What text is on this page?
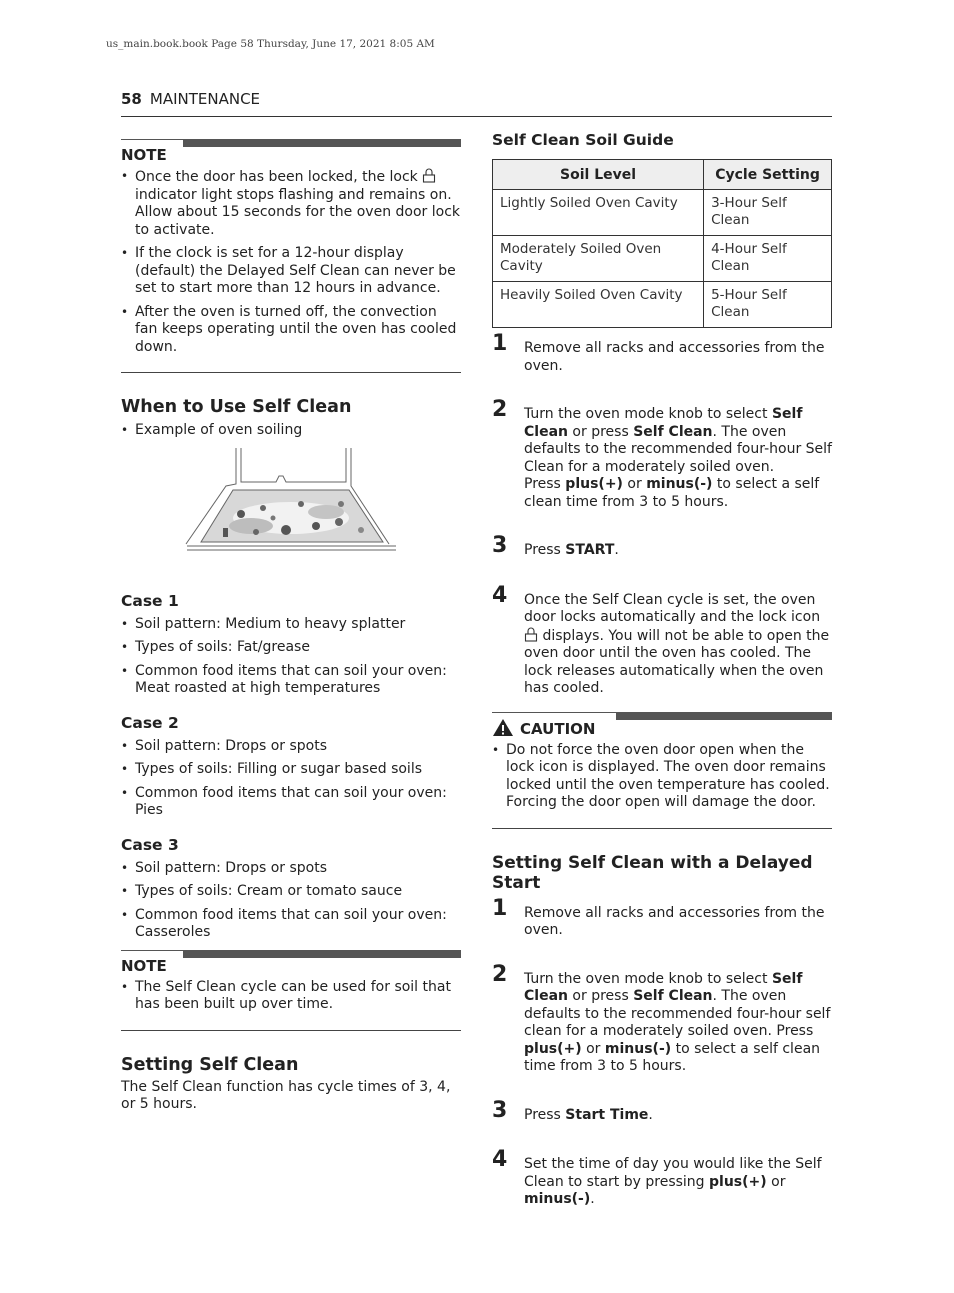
us_main.book.book Page 58 Thursday, June 17, 2021 8:05 AM
58 MAINTENANCE
NOTE
• Once the door has been locked, the lock  indicator light stops flashing and remains on. Allow about 15 seconds for the oven door lock to activate.
• If the clock is set for a 12-hour display (default) the Delayed Self Clean can never be set to start more than 12 hours in advance.
• After the oven is turned off, the convection fan keeps operating until the oven has cooled down.
When to Use Self Clean
• Example of oven soiling
Case 1
• Soil pattern: Medium to heavy splatter
• Types of soils: Fat/grease
• Common food items that can soil your oven: Meat roasted at high temperatures
Case 2
• Soil pattern: Drops or spots
• Types of soils: Filling or sugar based soils
• Common food items that can soil your oven: Pies
Case 3
• Soil pattern: Drops or spots
• Types of soils: Cream or tomato sauce
• Common food items that can soil your oven: Casseroles
NOTE
• The Self Clean cycle can be used for soil that has been built up over time.
Setting Self Clean

The Self Clean function has cycle times of 3, 4, or 5 hours.

Self Clean Soil Guide
Soil Level	Cycle Setting
Lightly Soiled Oven Cavity	3-Hour Self Clean
Moderately Soiled Oven Cavity	4-Hour Self Clean
Heavily Soiled Oven Cavity	5-Hour Self Clean
1 Remove all racks and accessories from the oven.
2 Turn the oven mode knob to select Self Clean or press Self Clean. The oven defaults to the recommended four-hour Self Clean for a moderately soiled oven.
Press plus(+) or minus(-) to select a self clean time from 3 to 5 hours.
3 Press START.
4 Once the Self Clean cycle is set, the oven door locks automatically and the lock icon  displays. You will not be able to open the oven door until the oven has cooled. The lock releases automatically when the oven has cooled.
CAUTION
• Do not force the oven door open when the lock icon is displayed. The oven door remains locked until the oven temperature has cooled. Forcing the door open will damage the door.
Setting Self Clean with a Delayed Start
1 Remove all racks and accessories from the oven.
2 Turn the oven mode knob to select Self Clean or press Self Clean. The oven defaults to the recommended four-hour self clean for a moderately soiled oven. Press plus(+) or minus(-) to select a self clean time from 3 to 5 hours.
3 Press Start Time.
4 Set the time of day you would like the Self Clean to start by pressing plus(+) or minus(-).
